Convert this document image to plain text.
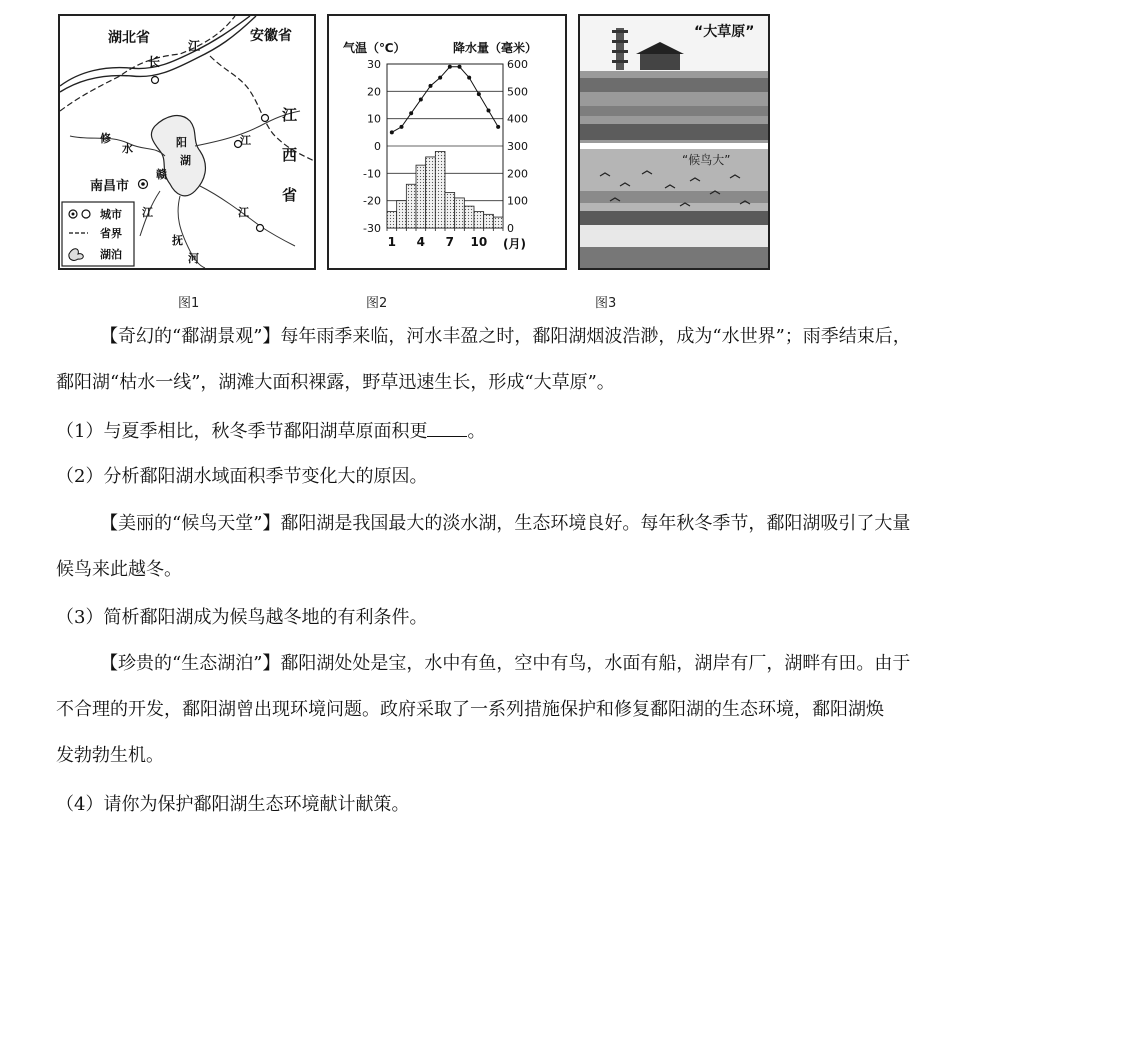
湖北省	安徽省
江
长
江
西
省
南昌市
修
水	阳
湖
赣
江
抚
河
江
江
城市
省界
湖泊
气温（℃）	降水量（毫米）
30	600
20	500
10	400
0	300
-10	200
-20	100
-30	0
1 4 7 10 (月)
“大草原”
“候鸟大”
图1	图2	图3
【奇幻的“鄱湖景观”】每年雨季来临，河水丰盈之时，鄱阳湖烟波浩渺，成为“水世界”；雨季结束后，
鄱阳湖“枯水一线”，湖滩大面积裸露，野草迅速生长，形成“大草原”。
（1）与夏季相比，秋冬季节鄱阳湖草原面积更 。
（2）分析鄱阳湖水域面积季节变化大的原因。
【美丽的“候鸟天堂”】鄱阳湖是我国最大的淡水湖，生态环境良好。每年秋冬季节，鄱阳湖吸引了大量
候鸟来此越冬。
（3）简析鄱阳湖成为候鸟越冬地的有利条件。
【珍贵的“生态湖泊”】鄱阳湖处处是宝，水中有鱼，空中有鸟，水面有船，湖岸有厂，湖畔有田。由于
不合理的开发，鄱阳湖曾出现环境问题。政府采取了一系列措施保护和修复鄱阳湖的生态环境，鄱阳湖焕
发勃勃生机。
（4）请你为保护鄱阳湖生态环境献计献策。
